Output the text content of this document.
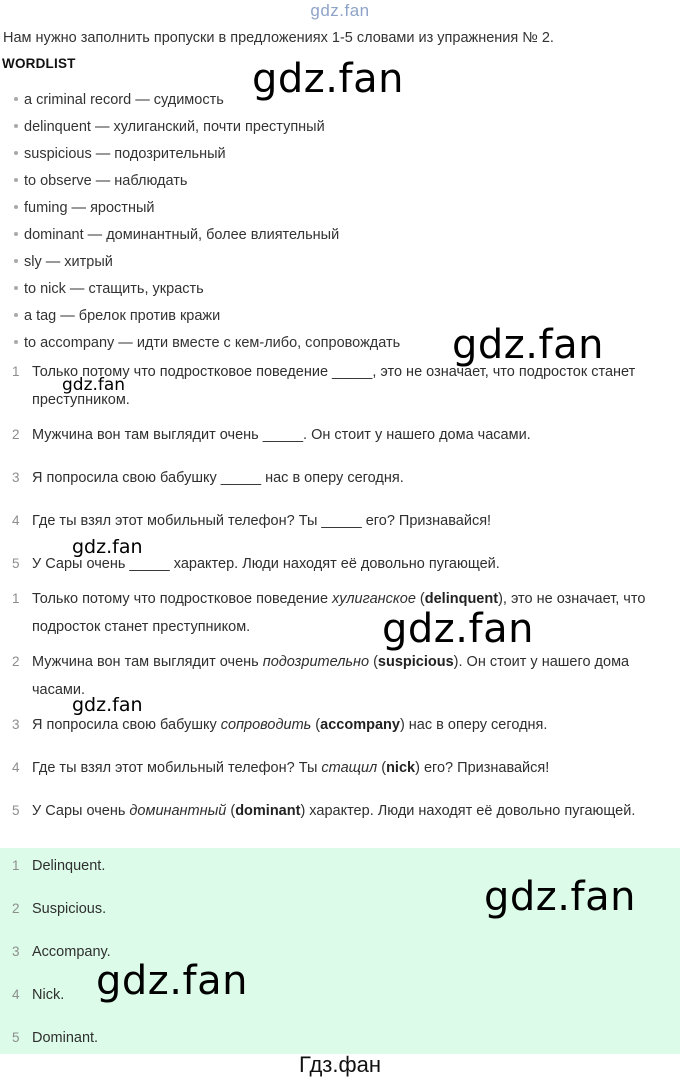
gdz.fan
Нам нужно заполнить пропуски в предложениях 1-5 словами из упражнения № 2.
WORDLIST
a criminal record — судимость
delinquent — хулиганский, почти преступный
suspicious — подозрительный
to observe — наблюдать
fuming — яростный
dominant — доминантный, более влиятельный
sly — хитрый
to nick — стащить, украсть
a tag — брелок против кражи
to accompany — идти вместе с кем-либо, сопровождать
1 Только потому что подростковое поведение _____, это не означает, что подросток станет преступником.
2 Мужчина вон там выглядит очень _____. Он стоит у нашего дома часами.
3 Я попросила свою бабушку _____ нас в оперу сегодня.
4 Где ты взял этот мобильный телефон? Ты _____ его? Признавайся!
5 У Сары очень _____ характер. Люди находят её довольно пугающей.
1 Только потому что подростковое поведение хулиганское (delinquent), это не означает, что подросток станет преступником.
2 Мужчина вон там выглядит очень подозрительно (suspicious). Он стоит у нашего дома часами.
3 Я попросила свою бабушку сопроводить (accompany) нас в оперу сегодня.
4 Где ты взял этот мобильный телефон? Ты стащил (nick) его? Признавайся!
5 У Сары очень доминантный (dominant) характер. Люди находят её довольно пугающей.
1 Delinquent.
2 Suspicious.
3 Accompany.
4 Nick.
5 Dominant.
gdz.fan
gdz.fan
gdz.fan
gdz.fan
gdz.fan
gdz.fan
gdz.fan
gdz.fan
Гдз.фан
